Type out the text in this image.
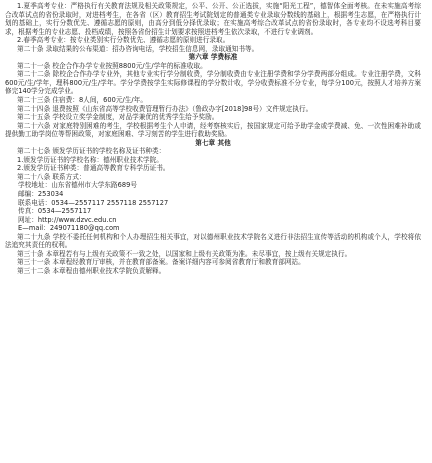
1.夏季高考专业：严格执行有关教育法规及相关政策规定，公平、公开、公正选拔，实施“阳光工程”，德智体全面考核。在未实施高考综合改革试点的省份录取时，对进档考生，在各省（区）教育招生考试院划定的普通类专业录取分数线的基础上，根据考生志愿，在严格执行计划的基础上，实行分数优先、遵循志愿的原则，由高分到低分择优录取；在实施高考综合改革试点的省份录取时，各专业均不设选考科目要求，根据考生的专业志愿、投档成绩，按照各省份招生计划要求按照进档考生依次录取，不进行专业调剂。

2.春季高考专业：按专业类别实行分数优先、遵循志愿的原则进行录取。

第二十条 录取结果的公布渠道：招办咨询电话，学校招生信息网，录取通知书等。

第六章 学费标准

第二十一条 校企合作办学专业按照8800元/生/学年的标准收取。

第二十二条 除校企合作办学专业外，其他专业实行学分制收费，学分制收费由专业注册学费和学分学费两部分组成。专业注册学费，文科600元/生/学年，理科800元/生/学年。学分学费按学生实际修课程的学分数计收，学分收费标准不分专业，每学分100元，按照人才培养方案修完140学分完成学业。

第二十三条 住宿费：8人间，600元/生/年。

第二十四条 退费按照《山东省高等学校收费管理暂行办法》（鲁政办字[2018]98号）文件规定执行。

第二十五条 学校设立奖学金制度，对品学兼优的优秀学生给予奖励。

第二十六条 对家庭特别困难的考生，学校根据考生个人申请，经考察核实后，按国家规定可给予助学金或学费减、免、一次性困难补助或提供勤工助学岗位等帮困政策，对家庭困难、学习刻苦的学生进行救助奖励。

第七章 其他

第二十七条 颁发学历证书的学校名称及证书种类：

1.颁发学历证书的学校名称：德州职业技术学院。

2.颁发学历证书种类：普通高等教育专科学历证书。

第二十八条 联系方式：

学校地址：山东省德州市大学东路689号

邮编：253034

联系电话：0534—2557117 2557118 2557127

传真：0534—2557117

网址：http://www.dzvc.edu.cn

E—mail：249071180@qq.com

第二十九条 学校不委托任何机构和个人办理招生相关事宜，对以德州职业技术学院名义进行非法招生宣传等活动的机构或个人，学校将依法追究其责任的权利。

第三十条 本章程若有与上级有关政策不一致之处，以国家和上级有关政策为准。未尽事宜，按上级有关规定执行。

第三十一条 本章程经教育厅审核，并在教育部备案。备案详细内容可参阅省教育厅和教育部网站。

第三十二条 本章程由德州职业技术学院负责解释。
